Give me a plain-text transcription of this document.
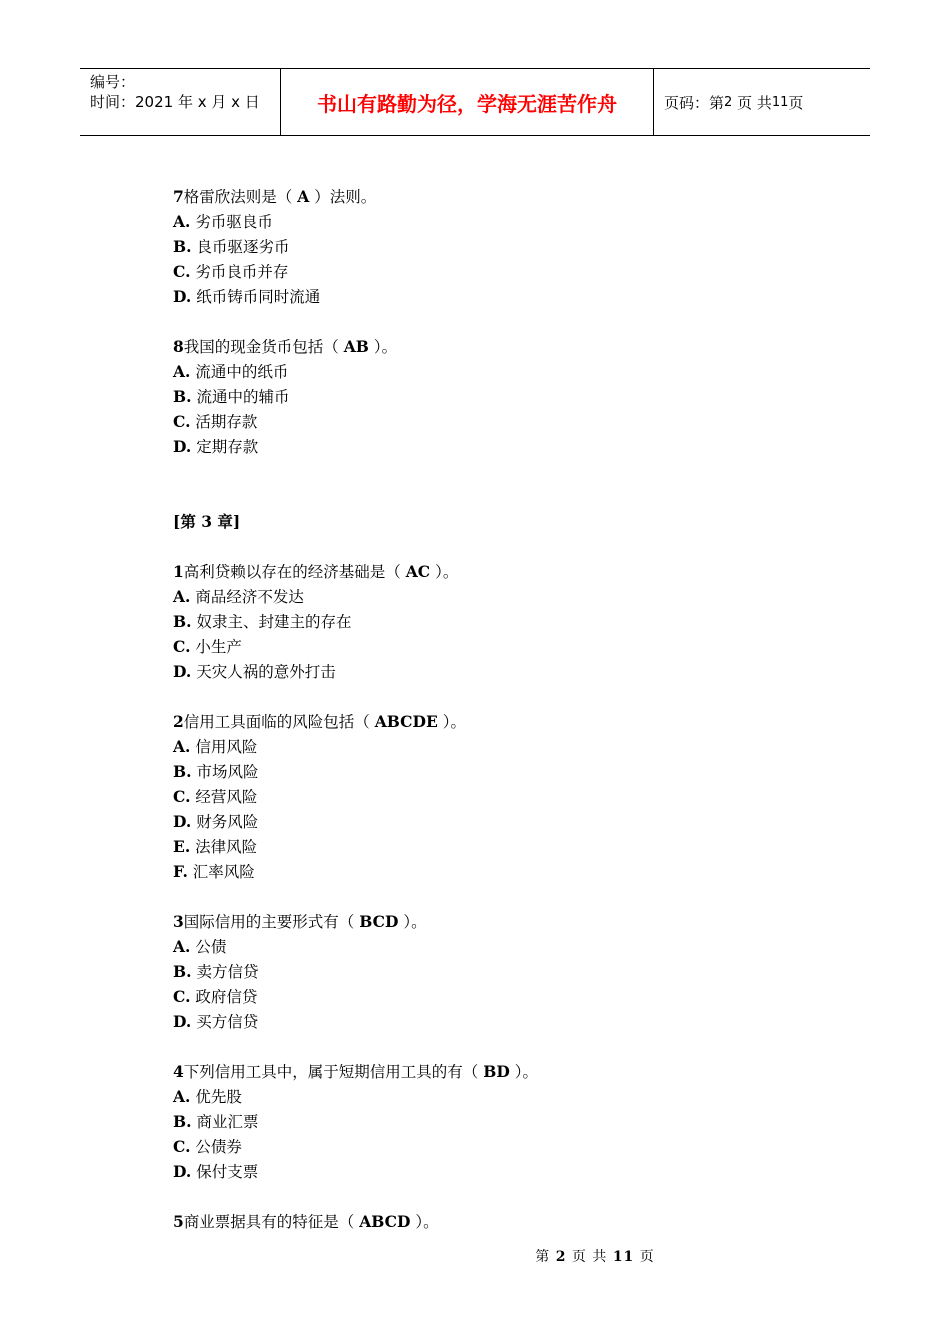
编号：
时间：2021 年 x 月 x 日	书山有路勤为径，学海无涯苦作舟	页码：第 2
页 共 11 页
7格雷欣法则是（ A ）法则。
A. 劣币驱良币
B. 良币驱逐劣币
C. 劣币良币并存
D. 纸币铸币同时流通
8我国的现金货币包括（ AB ）。
A. 流通中的纸币
B. 流通中的辅币
C. 活期存款
D. 定期存款
[第 3 章]
1高利贷赖以存在的经济基础是（ AC ）。
A. 商品经济不发达
B. 奴隶主、封建主的存在
C. 小生产
D. 天灾人祸的意外打击
2信用工具面临的风险包括（ ABCDE ）。
A. 信用风险
B. 市场风险
C. 经营风险
D. 财务风险
E. 法律风险
F. 汇率风险
3国际信用的主要形式有（ BCD ）。
A. 公债
B. 卖方信贷
C. 政府信贷
D. 买方信贷
4下列信用工具中，属于短期信用工具的有（ BD ）。
A. 优先股
B. 商业汇票
C. 公债券
D. 保付支票
5商业票据具有的特征是（ ABCD ）。
第 2 页 共 11 页
